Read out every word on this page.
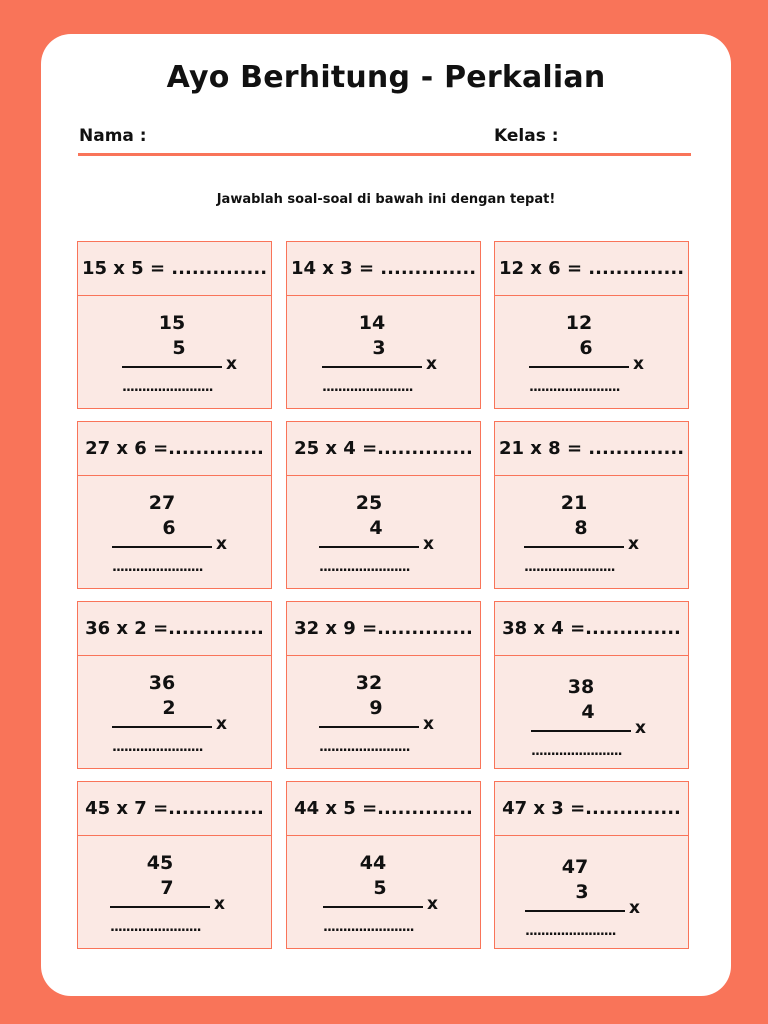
Ayo Berhitung - Perkalian
Nama :	Kelas :
Jawablah soal-soal di bawah ini dengan tepat!
15 x 5 = ..............
15
5
x
.......................
14 x 3 = ..............
14
3
x
.......................
12 x 6 = ..............
12
6
x
.......................
27 x 6 =..............
27
6
x
.......................
25 x 4 =..............
25
4
x
.......................
21 x 8 = ..............
21
8
x
.......................
36 x 2 =..............
36
2
x
.......................
32 x 9 =..............
32
9
x
.......................
38 x 4 =..............
38
4
x
.......................
45 x 7 =..............
45
7
x
.......................
44 x 5 =..............
44
5
x
.......................
47 x 3 =..............
47
3
x
.......................
